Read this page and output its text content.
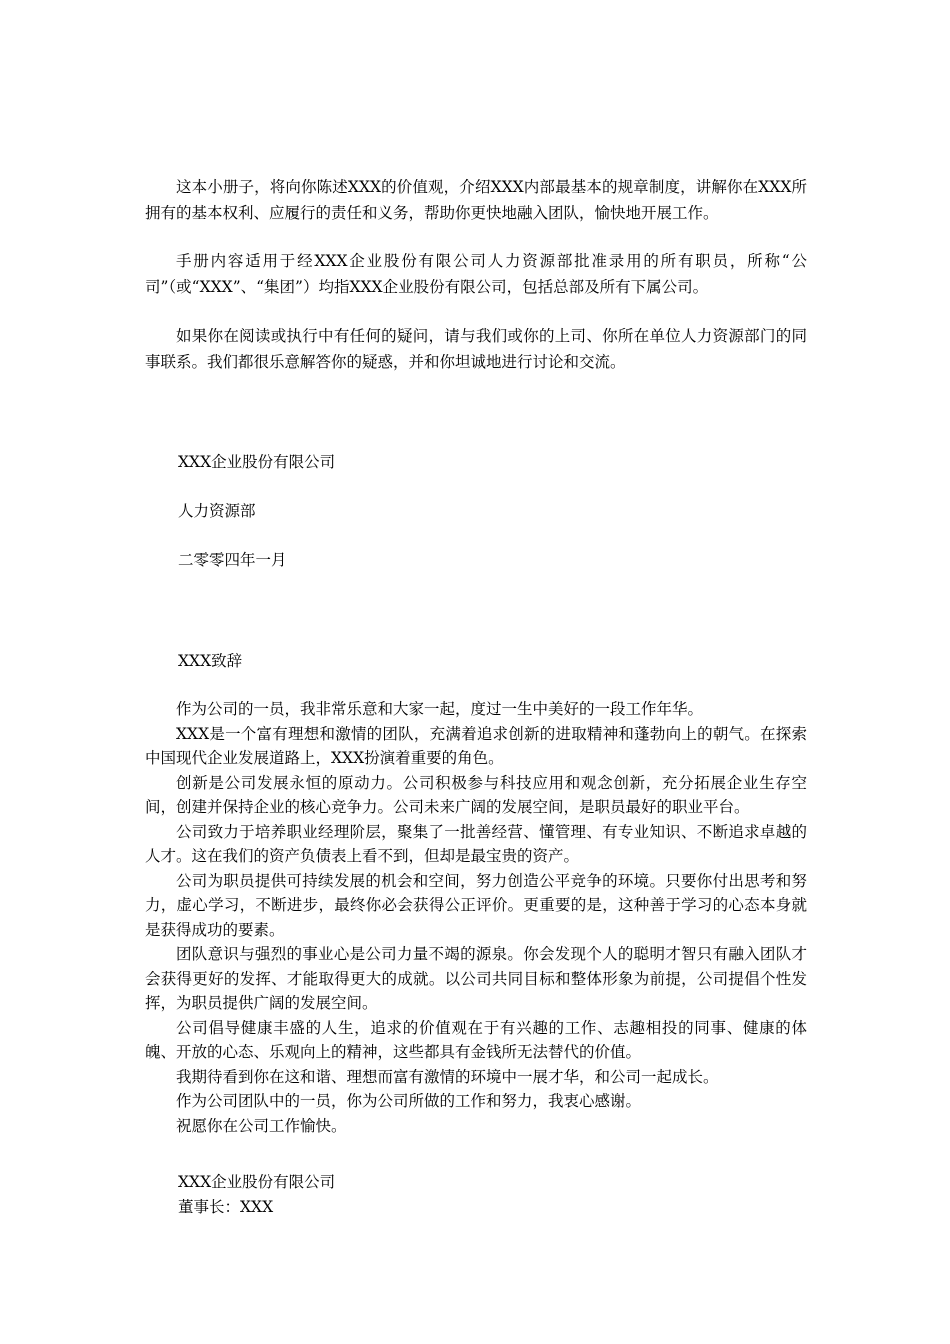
这本小册子，将向你陈述XXX的价值观，介绍XXX内部最基本的规章制度，讲解你在XXX所拥有的基本权利、应履行的责任和义务，帮助你更快地融入团队，愉快地开展工作。

手册内容适用于经XXX企业股份有限公司人力资源部批准录用的所有职员，所称“公司”（或“XXX”、“集团”）均指XXX企业股份有限公司，包括总部及所有下属公司。

如果你在阅读或执行中有任何的疑问，请与我们或你的上司、你所在单位人力资源部门的同事联系。我们都很乐意解答你的疑惑，并和你坦诚地进行讨论和交流。

XXX企业股份有限公司
人力资源部
二零零四年一月
XXX致辞

作为公司的一员，我非常乐意和大家一起，度过一生中美好的一段工作年华。

XXX是一个富有理想和激情的团队，充满着追求创新的进取精神和蓬勃向上的朝气。在探索中国现代企业发展道路上，XXX扮演着重要的角色。

创新是公司发展永恒的原动力。公司积极参与科技应用和观念创新，充分拓展企业生存空间，创建并保持企业的核心竞争力。公司未来广阔的发展空间，是职员最好的职业平台。

公司致力于培养职业经理阶层，聚集了一批善经营、懂管理、有专业知识、不断追求卓越的人才。这在我们的资产负债表上看不到，但却是最宝贵的资产。

公司为职员提供可持续发展的机会和空间，努力创造公平竞争的环境。只要你付出思考和努力，虚心学习，不断进步，最终你必会获得公正评价。更重要的是，这种善于学习的心态本身就是获得成功的要素。

团队意识与强烈的事业心是公司力量不竭的源泉。你会发现个人的聪明才智只有融入团队才会获得更好的发挥、才能取得更大的成就。以公司共同目标和整体形象为前提，公司提倡个性发挥，为职员提供广阔的发展空间。

公司倡导健康丰盛的人生，追求的价值观在于有兴趣的工作、志趣相投的同事、健康的体魄、开放的心态、乐观向上的精神，这些都具有金钱所无法替代的价值。

我期待看到你在这和谐、理想而富有激情的环境中一展才华，和公司一起成长。

作为公司团队中的一员，你为公司所做的工作和努力，我衷心感谢。

祝愿你在公司工作愉快。

XXX企业股份有限公司
董事长：XXX
